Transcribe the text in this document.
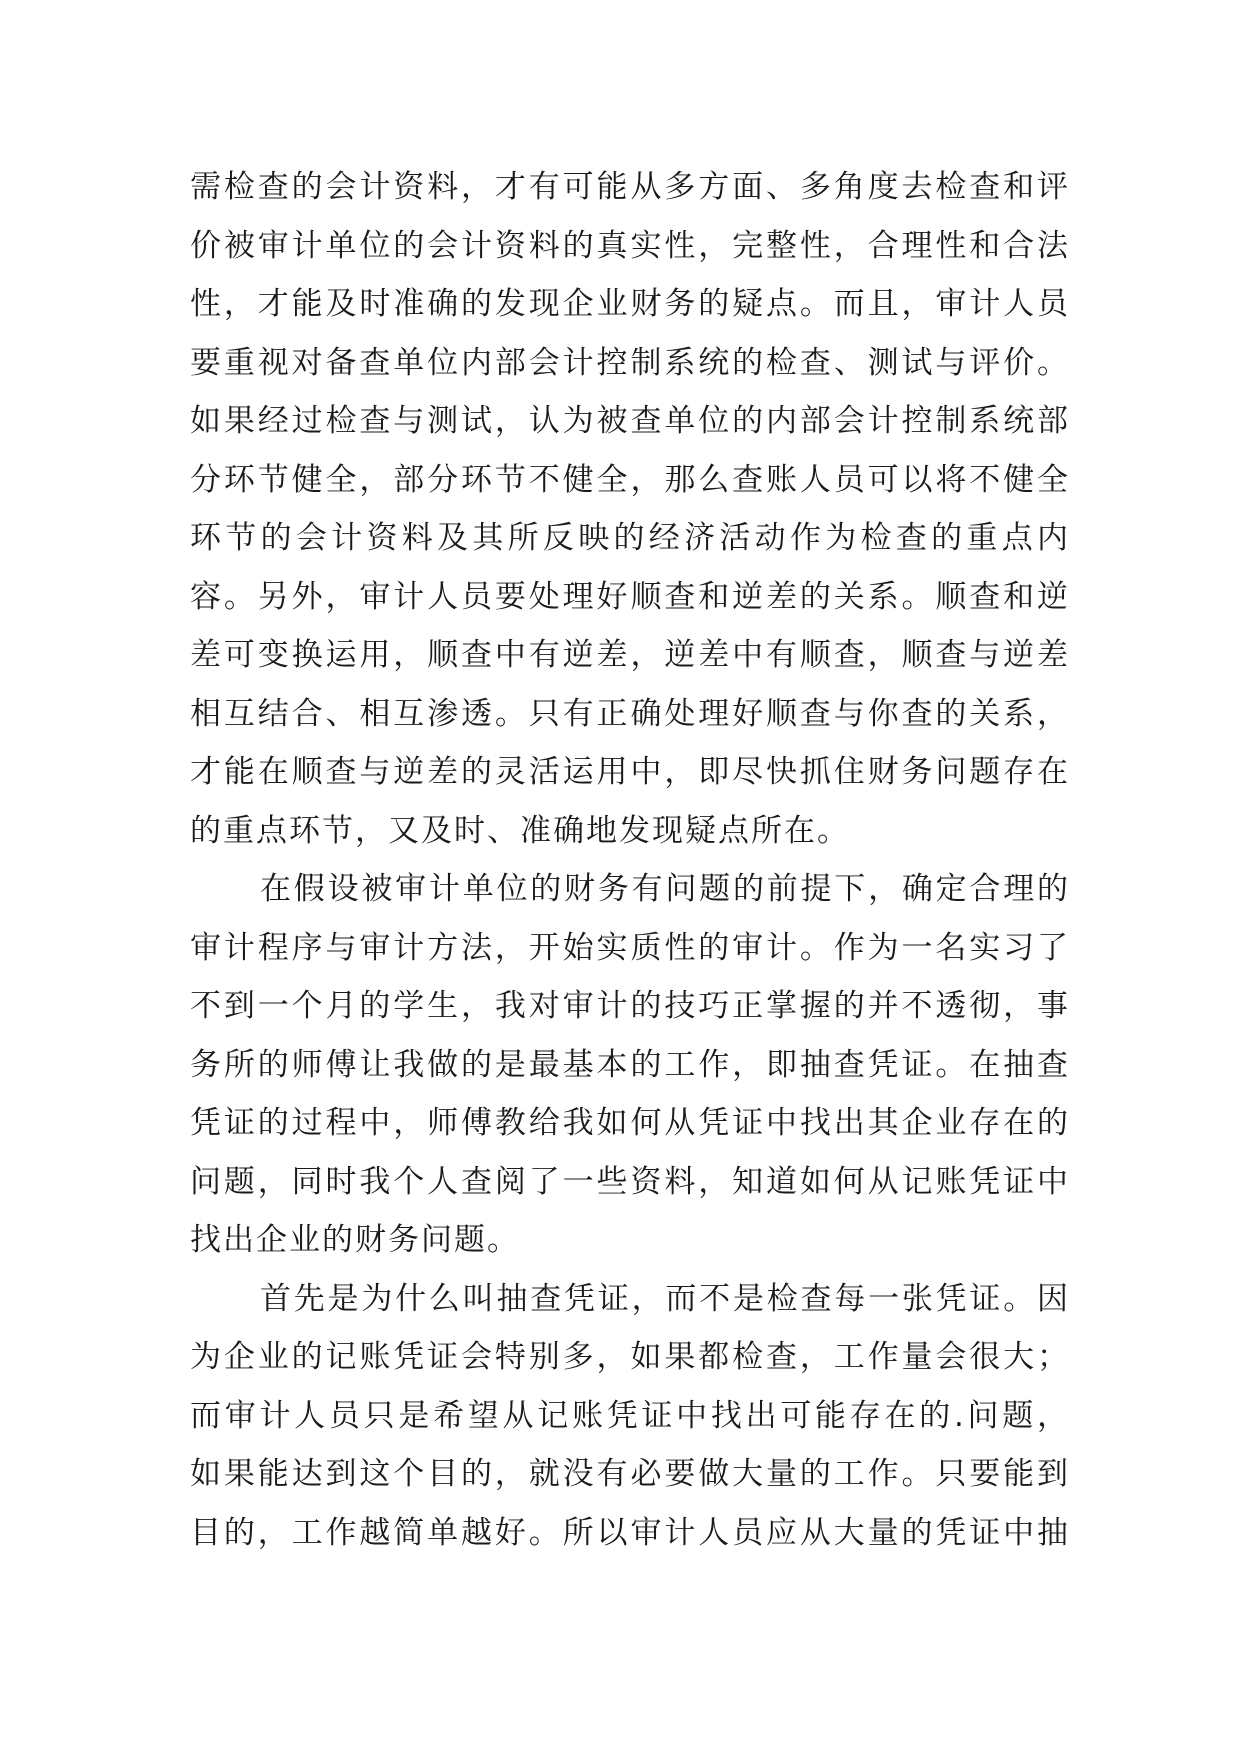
需检查的会计资料，才有可能从多方面、多角度去检查和评
价被审计单位的会计资料的真实性，完整性，合理性和合法
性，才能及时准确的发现企业财务的疑点。而且，审计人员
要重视对备查单位内部会计控制系统的检查、测试与评价。
如果经过检查与测试，认为被查单位的内部会计控制系统部
分环节健全，部分环节不健全，那么查账人员可以将不健全
环节的会计资料及其所反映的经济活动作为检查的重点内
容。另外，审计人员要处理好顺查和逆差的关系。顺查和逆
差可变换运用，顺查中有逆差，逆差中有顺查，顺查与逆差
相互结合、相互渗透。只有正确处理好顺查与你查的关系，
才能在顺查与逆差的灵活运用中，即尽快抓住财务问题存在
的重点环节，又及时、准确地发现疑点所在。
在假设被审计单位的财务有问题的前提下，确定合理的
审计程序与审计方法，开始实质性的审计。作为一名实习了
不到一个月的学生，我对审计的技巧正掌握的并不透彻，事
务所的师傅让我做的是最基本的工作，即抽查凭证。在抽查
凭证的过程中，师傅教给我如何从凭证中找出其企业存在的
问题，同时我个人查阅了一些资料，知道如何从记账凭证中
找出企业的财务问题。
首先是为什么叫抽查凭证，而不是检查每一张凭证。因
为企业的记账凭证会特别多，如果都检查，工作量会很大；
而审计人员只是希望从记账凭证中找出可能存在的.问题，
如果能达到这个目的，就没有必要做大量的工作。只要能到
目的，工作越简单越好。所以审计人员应从大量的凭证中抽
